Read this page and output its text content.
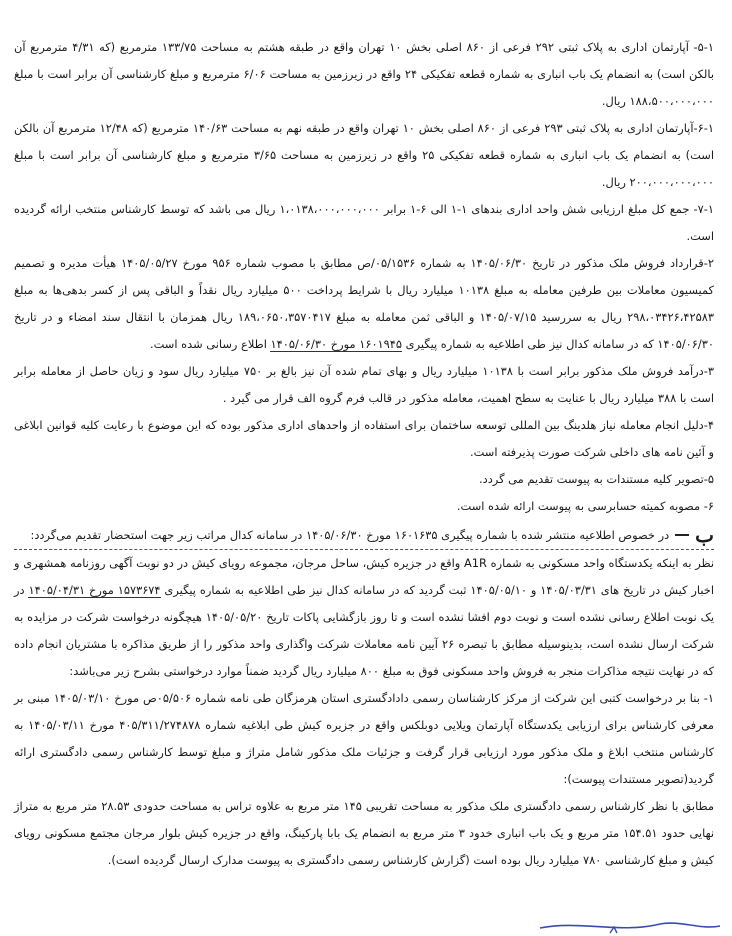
۵-۱- آپارتمان اداری به پلاک ثبتی ۲۹۲ فرعی از ۸۶۰ اصلی بخش ۱۰ تهران واقع در طبقه هشتم به مساحت ۱۳۳/۷۵ مترمربع (که ۴/۳۱ مترمربع آن بالکن است) به انضمام یک باب انباری به شماره قطعه تفکیکی ۲۴ واقع در زیرزمین به مساحت ۶/۰۶ مترمربع و مبلغ کارشناسی آن برابر است با مبلغ ۱۸۸،۵۰۰،۰۰۰،۰۰۰ ریال.

۶-۱-آپارتمان اداری به پلاک ثبتی ۲۹۳ فرعی از ۸۶۰ اصلی بخش ۱۰ تهران واقع در طبقه نهم به مساحت ۱۴۰/۶۳ مترمربع (که ۱۲/۴۸ مترمربع آن بالکن است) به انضمام یک باب انباری به شماره قطعه تفکیکی ۲۵ واقع در زیرزمین به مساحت ۳/۶۵ مترمربع و مبلغ کارشناسی آن برابر است با مبلغ ۲۰۰،۰۰۰،۰۰۰،۰۰۰ ریال.

۷-۱- جمع کل مبلغ ارزیابی شش واحد اداری بندهای ۱-۱ الی ۶-۱ برابر ۱،۰۱۳۸،۰۰۰،۰۰۰،۰۰۰ ریال می باشد که توسط کارشناس منتخب ارائه گردیده است.

۲-قرارداد فروش ملک مذکور در تاریخ ۱۴۰۵/۰۶/۳۰ به شماره ۰۵/۱۵۳۶/ص مطابق با مصوب شماره ۹۵۶ مورخ ۱۴۰۵/۰۵/۲۷ هیأت مدیره و تصمیم کمیسیون معاملات بین طرفین معامله به مبلغ ۱۰۱۳۸ میلیارد ریال با شرایط پرداخت ۵۰۰ میلیارد ریال نقداً و الباقی پس از کسر بدهی‌ها به مبلغ ۲۹۸،۰۳۴۲۶،۴۲۵۸۳ ریال به سررسید ۱۴۰۵/۰۷/۱۵ و الباقی ثمن معامله به مبلغ ۱۸۹،۰۶۵۰،۳۵۷۰۴۱۷ ریال همزمان با انتقال سند امضاء و در تاریخ ۱۴۰۵/۰۶/۳۰ که در سامانه کدال نیز طی اطلاعیه به شماره پیگیری ۱۶۰۱۹۴۵ مورخ ۱۴۰۵/۰۶/۳۰ اطلاع رسانی شده است.

۳-درآمد فروش ملک مذکور برابر است با ۱۰۱۳۸ میلیارد ریال و بهای تمام شده آن نیز بالغ بر ۷۵۰ میلیارد ریال سود و زیان حاصل از معامله برابر است با ۳۸۸ میلیارد ریال با عنایت به سطح اهمیت، معامله مذکور در قالب فرم گروه الف قرار می گیرد .

۴-دلیل انجام معامله نیاز هلدینگ بین المللی توسعه ساختمان برای استفاده از واحدهای اداری مذکور بوده که این موضوع با رعایت کلیه قوانین ابلاغی و آئین نامه های داخلی شرکت صورت پذیرفته است.

۵-تصویر کلیه مستندات به پیوست تقدیم می گردد.

۶- مصوبه کمیته حسابرسی به پیوست ارائه شده است.

ب
در خصوص اطلاعیه منتشر شده با شماره پیگیری ۱۶۰۱۶۳۵ مورخ ۱۴۰۵/۰۶/۳۰ در سامانه کدال مراتب زیر جهت استحضار تقدیم می‌گردد:

نظر به اینکه یکدستگاه واحد مسکونی به شماره A1R واقع در جزیره کیش، ساحل مرجان، مجموعه رویای کیش در دو نوبت آگهی روزنامه همشهری و اخبار کیش در تاریخ های ۱۴۰۵/۰۳/۳۱ و ۱۴۰۵/۰۵/۱۰ ثبت گردید که در سامانه کدال نیز طی اطلاعیه به شماره پیگیری ۱۵۷۳۶۷۴ مورخ ۱۴۰۵/۰۴/۳۱ در یک نوبت اطلاع رسانی نشده است و نوبت دوم افشا نشده است و تا روز بازگشایی پاکات تاریخ ۱۴۰۵/۰۵/۲۰ هیچگونه درخواست شرکت در مزایده به شرکت ارسال نشده است، بدینوسیله مطابق با تبصره ۲۶ آیین نامه معاملات شرکت واگذاری واحد مذکور را از طریق مذاکره با مشتریان انجام داده که در نهایت نتیجه مذاکرات منجر به فروش واحد مسکونی فوق به مبلغ ۸۰۰ میلیارد ریال گردید ضمناً موارد درخواستی بشرح زیر می‌باشد:

۱- بنا بر درخواست کتبی این شرکت از مرکز کارشناسان رسمی دادادگستری استان هرمزگان طی نامه شماره ۰۵/۵۰۶ص مورخ ۱۴۰۵/۰۳/۱۰ مبنی بر معرفی کارشناس برای ارزیابی یکدستگاه آپارتمان ویلایی دوبلکس واقع در جزیره کیش طی ابلاغیه شماره ۴۰۵/۳۱۱/۲۷۴۸۷۸ مورخ ۱۴۰۵/۰۳/۱۱ به کارشناس منتخب ابلاغ و ملک مذکور مورد ارزیابی قرار گرفت و جزئیات ملک مذکور شامل متراژ و مبلغ توسط کارشناس رسمی دادگستری ارائه گردید(تصویر مستندات پیوست):

مطابق با نظر کارشناس رسمی دادگستری ملک مذکور به مساحت تقریبی ۱۴۵ متر مربع به علاوه تراس به مساحت حدودی ۲۸.۵۳ متر مربع به متراژ نهایی حدود ۱۵۴.۵۱ متر مربع و یک باب انباری خدود ۳ متر مربع به انضمام یک بابا پارکینگ، واقع در جزیره کیش بلوار مرجان مجتمع مسکونی رویای کیش و مبلغ کارشناسی ۷۸۰ میلیارد ریال بوده است (گزارش کارشناس رسمی دادگستری به پیوست مدارک ارسال گردیده است).
